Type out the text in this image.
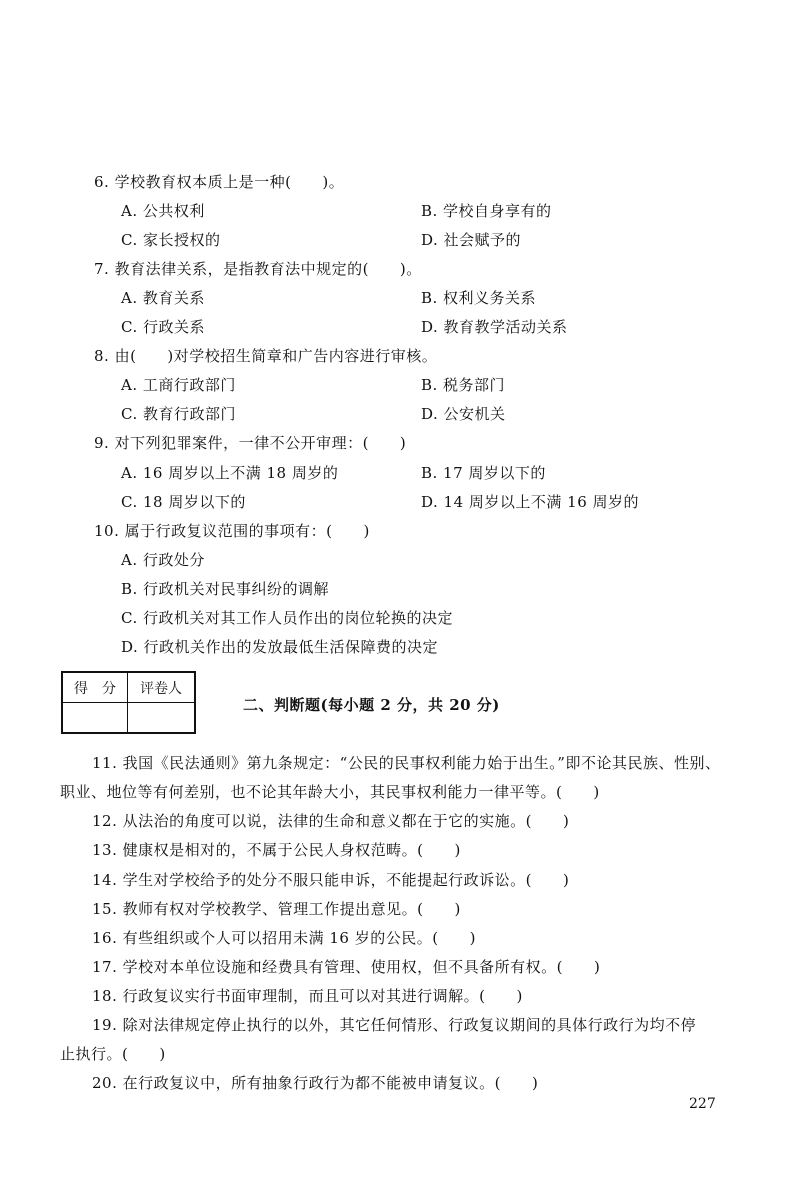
6. 学校教育权本质上是一种(　　)。
A. 公共权利	B. 学校自身享有的
C. 家长授权的	D. 社会赋予的
7. 教育法律关系，是指教育法中规定的(　　)。
A. 教育关系	B. 权利义务关系
C. 行政关系	D. 教育教学活动关系
8. 由(　　)对学校招生简章和广告内容进行审核。
A. 工商行政部门	B. 税务部门
C. 教育行政部门	D. 公安机关
9. 对下列犯罪案件，一律不公开审理：(　　)
A. 16 周岁以上不满 18 周岁的	B. 17 周岁以下的
C. 18 周岁以下的	D. 14 周岁以上不满 16 周岁的
10. 属于行政复议范围的事项有：(　　)
A. 行政处分
B. 行政机关对民事纠纷的调解
C. 行政机关对其工作人员作出的岗位轮换的决定
D. 行政机关作出的发放最低生活保障费的决定
得　分	评卷人

二、判断题(每小题 2 分，共 20 分)
11. 我国《民法通则》第九条规定：“公民的民事权利能力始于出生。”即不论其民族、性别、
职业、地位等有何差别，也不论其年龄大小，其民事权利能力一律平等。(　　)
12. 从法治的角度可以说，法律的生命和意义都在于它的实施。(　　)
13. 健康权是相对的，不属于公民人身权范畴。(　　)
14. 学生对学校给予的处分不服只能申诉，不能提起行政诉讼。(　　)
15. 教师有权对学校教学、管理工作提出意见。(　　)
16. 有些组织或个人可以招用未满 16 岁的公民。(　　)
17. 学校对本单位设施和经费具有管理、使用权，但不具备所有权。(　　)
18. 行政复议实行书面审理制，而且可以对其进行调解。(　　)
19. 除对法律规定停止执行的以外，其它任何情形、行政复议期间的具体行政行为均不停
止执行。(　　)
20. 在行政复议中，所有抽象行政行为都不能被申请复议。(　　)
227
